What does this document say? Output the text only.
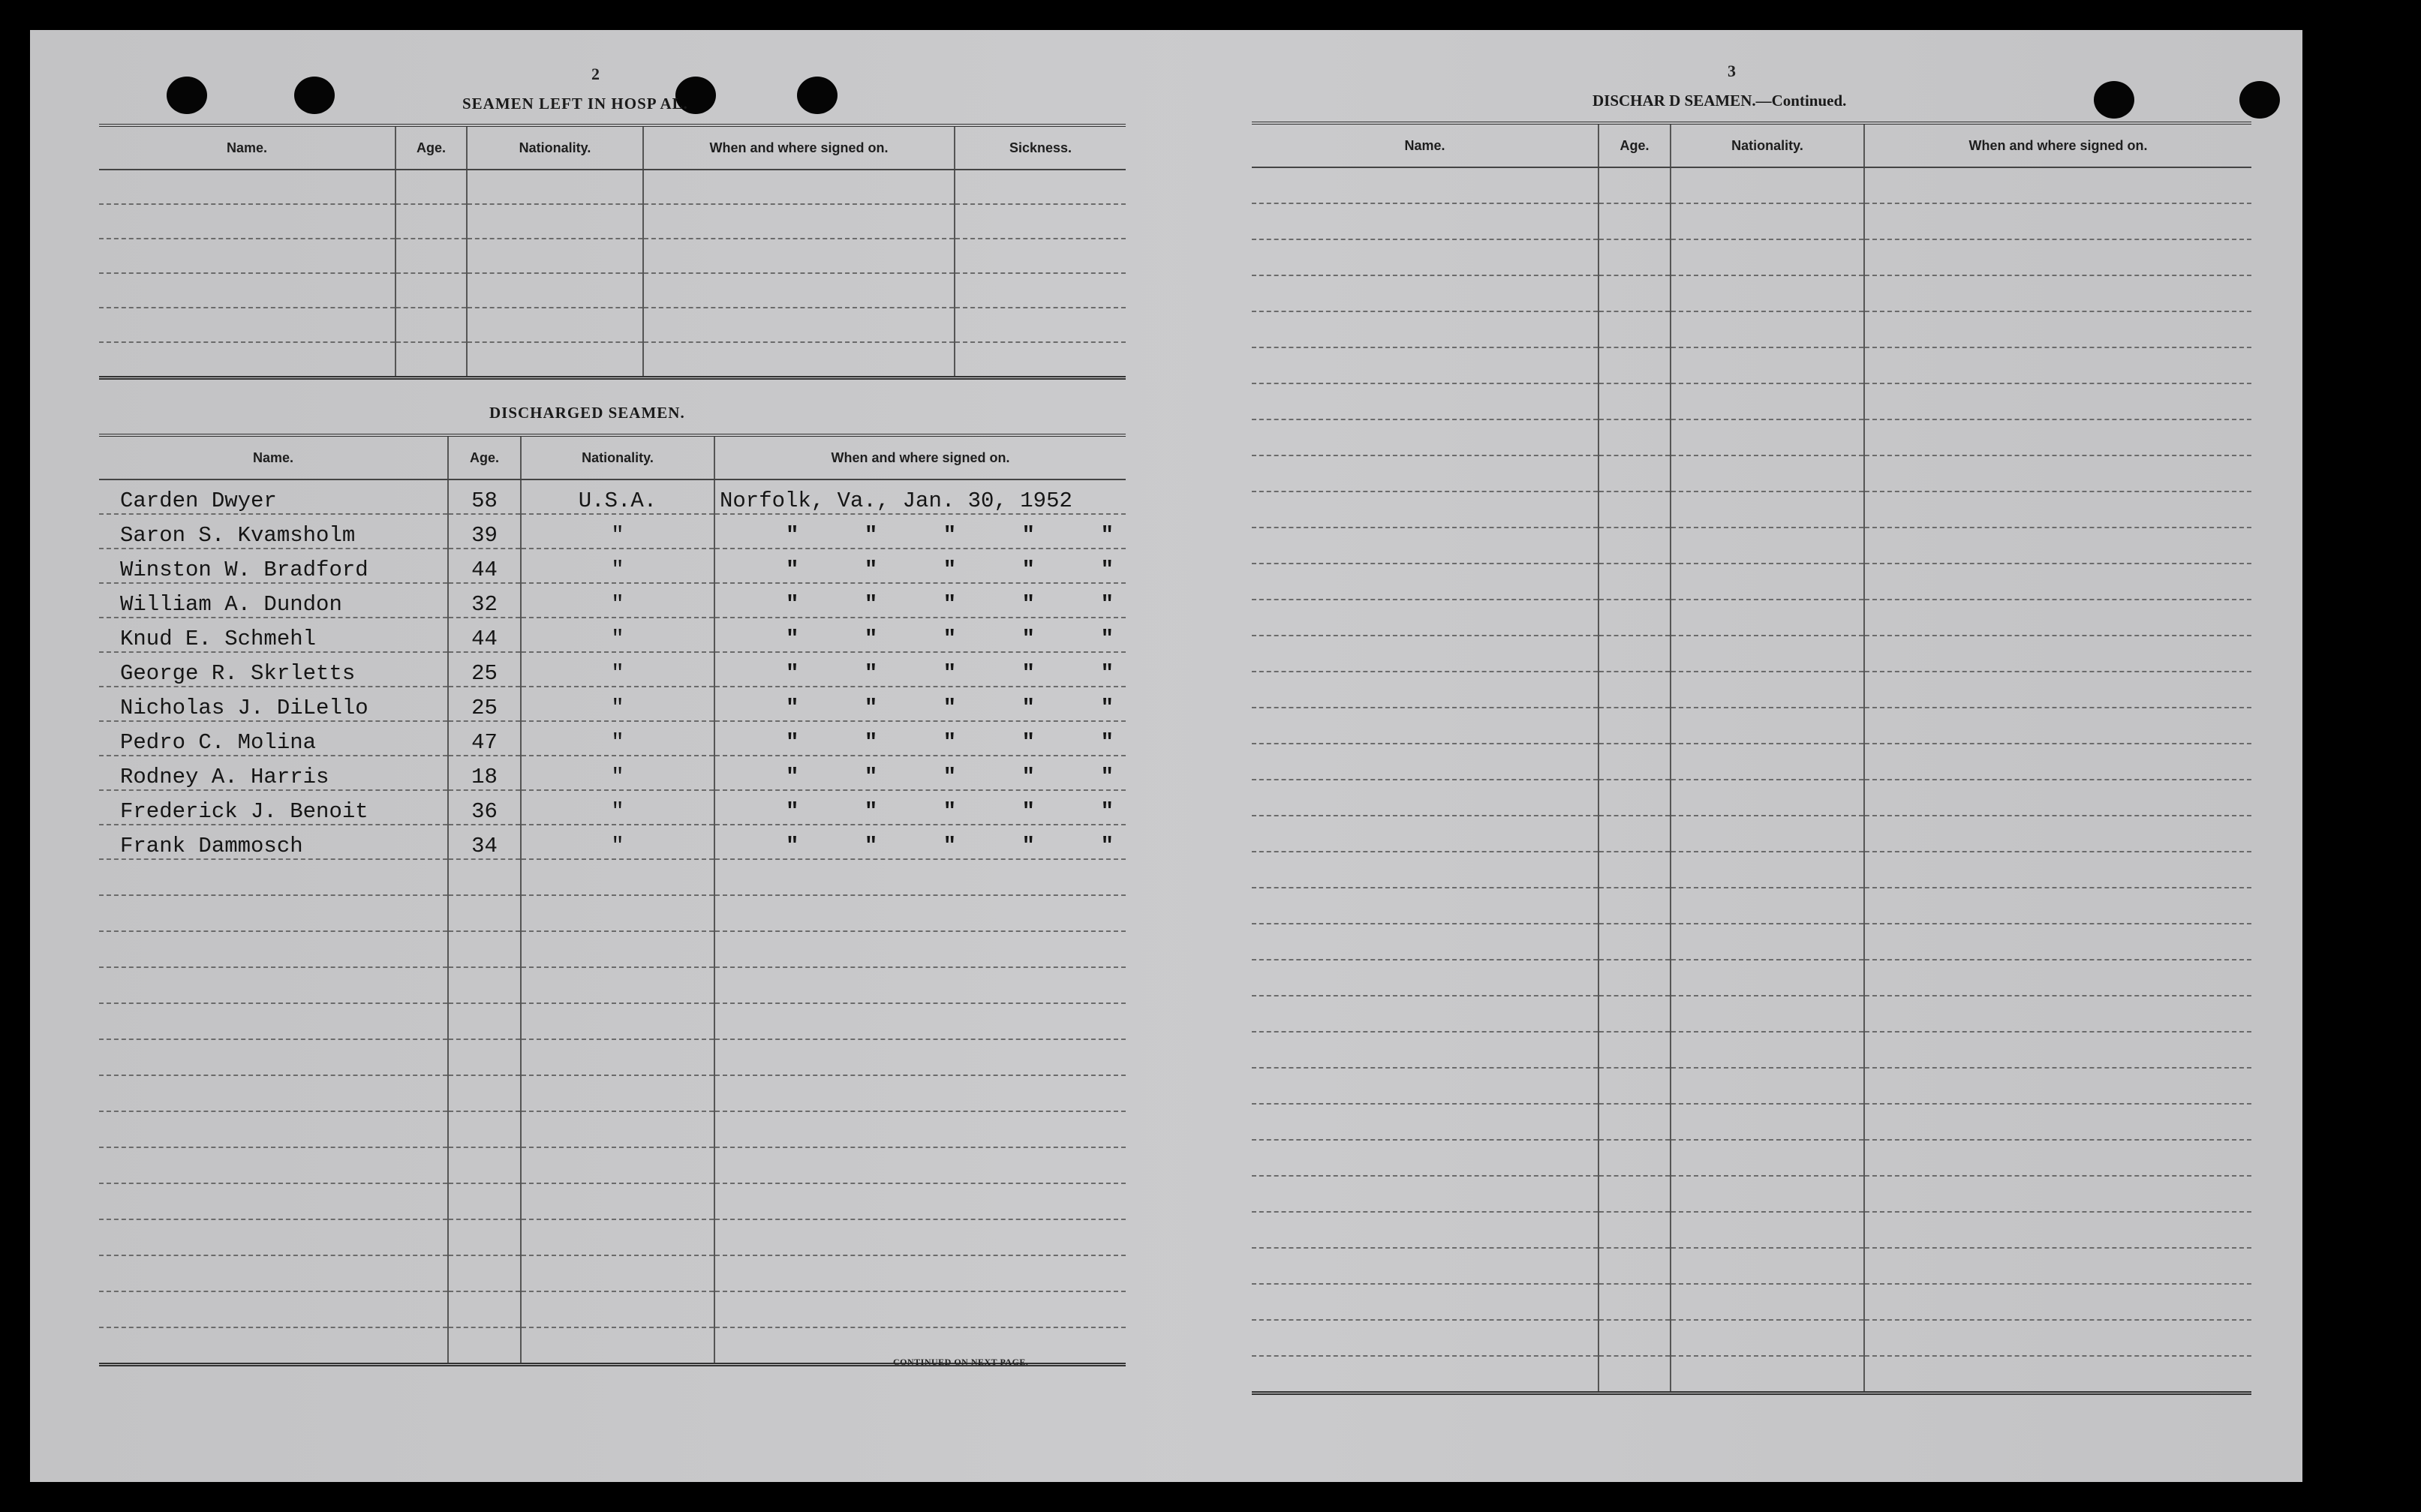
2
SEAMEN LEFT IN HOSP AL.
Name.	Age.	Nationality.	When and where signed on.	Sickness.

DISCHARGED SEAMEN.
Name.	Age.	Nationality.	When and where signed on.
Carden Dwyer	58	U.S.A.	Norfolk, Va., Jan. 30, 1952
Saron S. Kvamsholm	39	"	" " " " "

Winston W. Bradford	44	"	" " " " "

William A. Dundon	32	"	" " " " "

Knud E. Schmehl	44	"	" " " " "

George R. Skrletts	25	"	" " " " "

Nicholas J. DiLello	25	"	" " " " "

Pedro C. Molina	47	"	" " " " "

Rodney A. Harris	18	"	" " " " "

Frederick J. Benoit	36	"	" " " " "

Frank Dammosch	34	"	" " " " "

CONTINUED ON NEXT PAGE.
3
DISCHAR D SEAMEN.—Continued.
Name.	Age.	Nationality.	When and where signed on.
